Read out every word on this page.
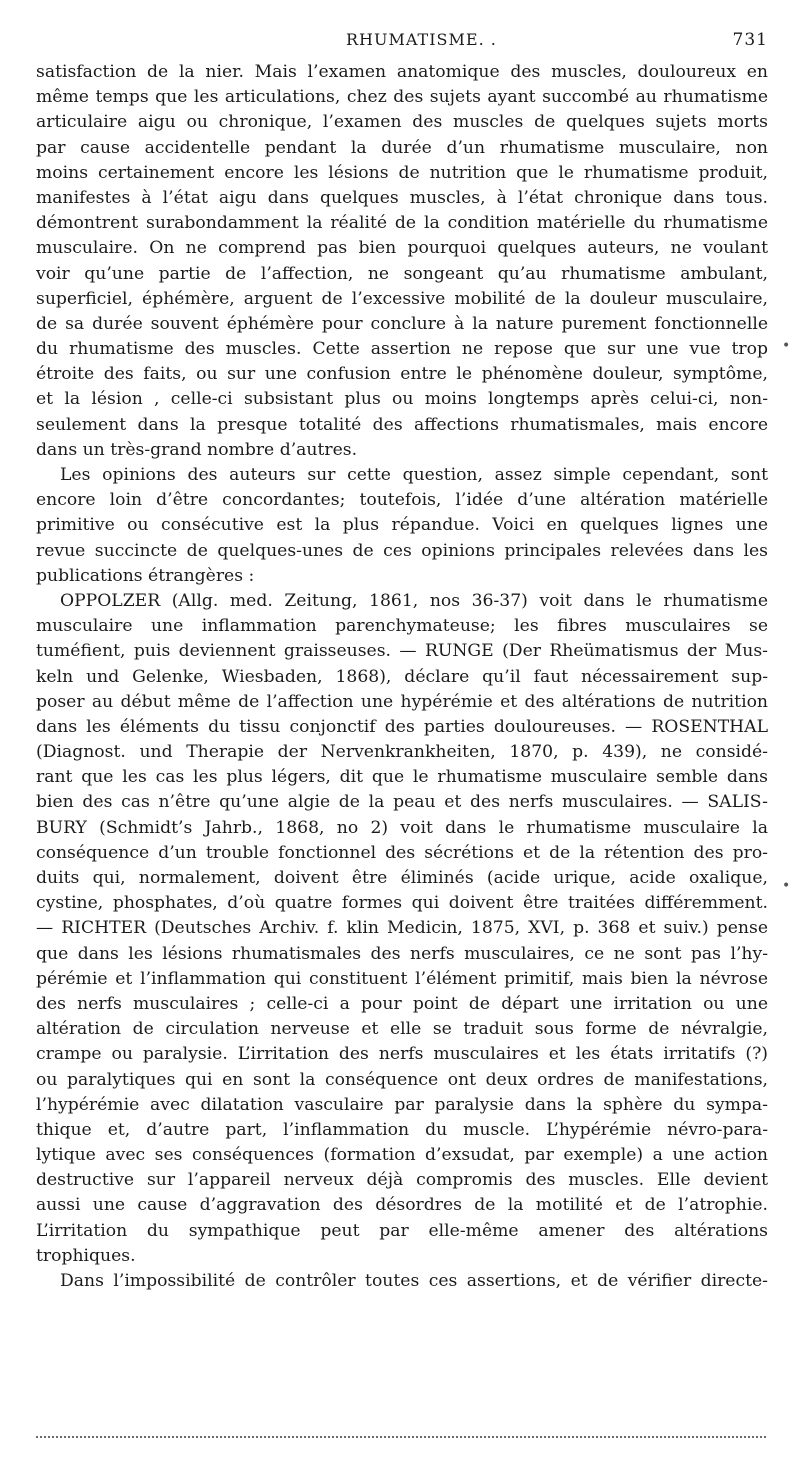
RHUMATISME. .	731
satisfaction de la nier. Mais l’examen anatomique des muscles, douloureux en
même temps que les articulations, chez des sujets ayant succombé au rhumatisme
articulaire aigu ou chronique, l’examen des muscles de quelques sujets morts
par cause accidentelle pendant la durée d’un rhumatisme musculaire, non
moins certainement encore les lésions de nutrition que le rhumatisme produit,
manifestes à l’état aigu dans quelques muscles, à l’état chronique dans tous.
démontrent surabondamment la réalité de la condition matérielle du rhumatisme
musculaire. On ne comprend pas bien pourquoi quelques auteurs, ne voulant
voir qu’une partie de l’affection, ne songeant qu’au rhumatisme ambulant,
superficiel, éphémère, arguent de l’excessive mobilité de la douleur musculaire,
de sa durée souvent éphémère pour conclure à la nature purement fonctionnelle
du rhumatisme des muscles. Cette assertion ne repose que sur une vue trop
étroite des faits, ou sur une confusion entre le phénomène douleur, symptôme,
et la lésion , celle-ci subsistant plus ou moins longtemps après celui-ci, non-
seulement dans la presque totalité des affections rhumatismales, mais encore
dans un très-grand nombre d’autres.
Les opinions des auteurs sur cette question, assez simple cependant, sont
encore loin d’être concordantes; toutefois, l’idée d’une altération matérielle
primitive ou consécutive est la plus répandue. Voici en quelques lignes une
revue succincte de quelques-unes de ces opinions principales relevées dans les
publications étrangères :
OPPOLZER (Allg. med. Zeitung, 1861, nos 36-37) voit dans le rhumatisme
musculaire une inflammation parenchymateuse; les fibres musculaires se
tuméfient, puis deviennent graisseuses. — RUNGE (Der Rheümatismus der Mus-
keln und Gelenke, Wiesbaden, 1868), déclare qu’il faut nécessairement sup-
poser au début même de l’affection une hypérémie et des altérations de nutrition
dans les éléments du tissu conjonctif des parties douloureuses. — ROSENTHAL
(Diagnost. und Therapie der Nervenkrankheiten, 1870, p. 439), ne considé-
rant que les cas les plus légers, dit que le rhumatisme musculaire semble dans
bien des cas n’être qu’une algie de la peau et des nerfs musculaires. — SALIS-
BURY (Schmidt’s Jahrb., 1868, no 2) voit dans le rhumatisme musculaire la
conséquence d’un trouble fonctionnel des sécrétions et de la rétention des pro-
duits qui, normalement, doivent être éliminés (acide urique, acide oxalique,
cystine, phosphates, d’où quatre formes qui doivent être traitées différemment.
— RICHTER (Deutsches Archiv. f. klin Medicin, 1875, XVI, p. 368 et suiv.) pense
que dans les lésions rhumatismales des nerfs musculaires, ce ne sont pas l’hy-
pérémie et l’inflammation qui constituent l’élément primitif, mais bien la névrose
des nerfs musculaires ; celle-ci a pour point de départ une irritation ou une
altération de circulation nerveuse et elle se traduit sous forme de névralgie,
crampe ou paralysie. L’irritation des nerfs musculaires et les états irritatifs (?)
ou paralytiques qui en sont la conséquence ont deux ordres de manifestations,
l’hypérémie avec dilatation vasculaire par paralysie dans la sphère du sympa-
thique et, d’autre part, l’inflammation du muscle. L’hypérémie névro-para-
lytique avec ses conséquences (formation d’exsudat, par exemple) a une action
destructive sur l’appareil nerveux déjà compromis des muscles. Elle devient
aussi une cause d’aggravation des désordres de la motilité et de l’atrophie.
L’irritation du sympathique peut par elle-même amener des altérations
trophiques.
Dans l’impossibilité de contrôler toutes ces assertions, et de vérifier directe-
•
•
